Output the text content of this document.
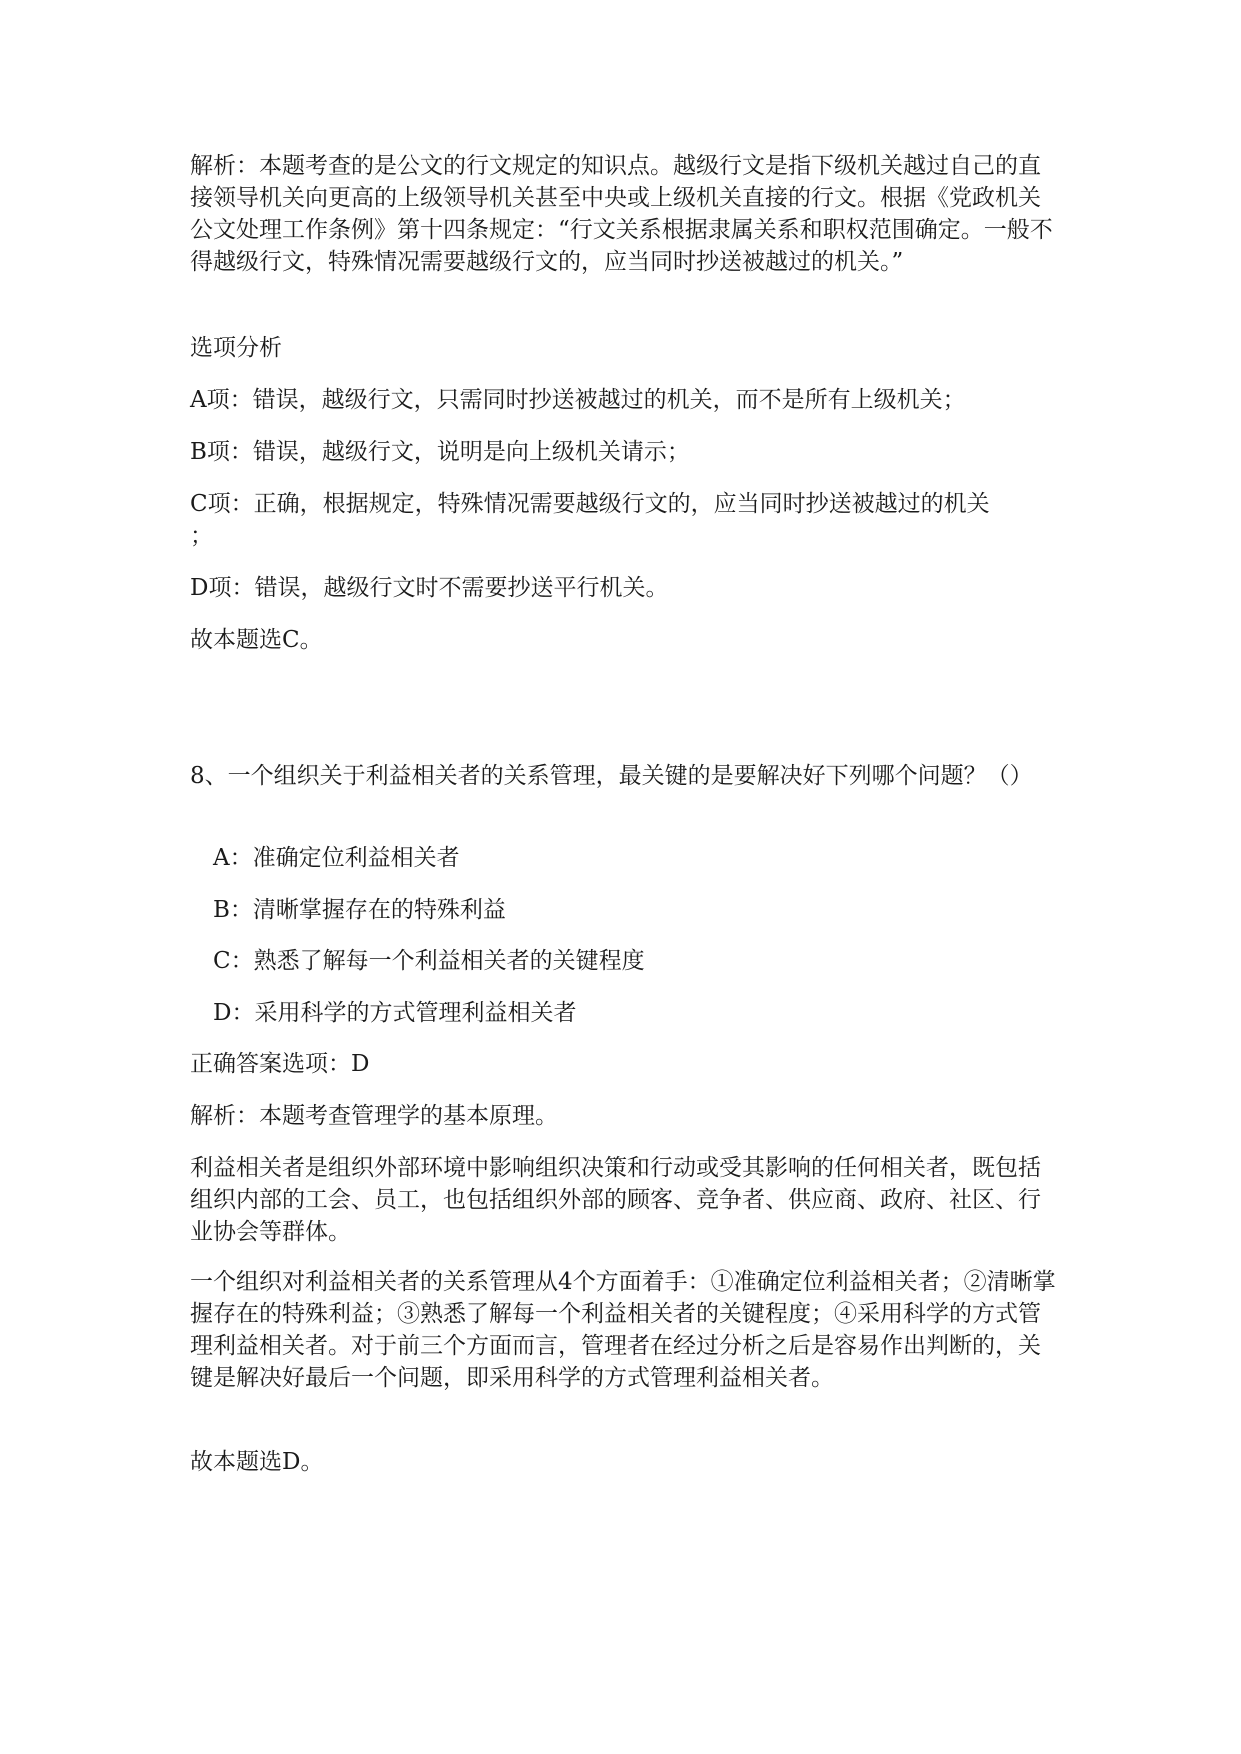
解析：本题考查的是公文的行文规定的知识点。越级行文是指下级机关越过自己的直接领导机关向更高的上级领导机关甚至中央或上级机关直接的行文。根据《党政机关公文处理工作条例》第十四条规定：“行文关系根据隶属关系和职权范围确定。一般不得越级行文，特殊情况需要越级行文的，应当同时抄送被越过的机关。”

选项分析

A项：错误，越级行文，只需同时抄送被越过的机关，而不是所有上级机关；

B项：错误，越级行文，说明是向上级机关请示；

C项：正确，根据规定，特殊情况需要越级行文的，应当同时抄送被越过的机关

；

D项：错误，越级行文时不需要抄送平行机关。

故本题选C。

8、一个组织关于利益相关者的关系管理，最关键的是要解决好下列哪个问题？（）

A：准确定位利益相关者

B：清晰掌握存在的特殊利益

C：熟悉了解每一个利益相关者的关键程度

D：采用科学的方式管理利益相关者

正确答案选项：D

解析：本题考查管理学的基本原理。

利益相关者是组织外部环境中影响组织决策和行动或受其影响的任何相关者，既包括组织内部的工会、员工，也包括组织外部的顾客、竞争者、供应商、政府、社区、行业协会等群体。

一个组织对利益相关者的关系管理从4个方面着手：①准确定位利益相关者；②清晰掌握存在的特殊利益；③熟悉了解每一个利益相关者的关键程度；④采用科学的方式管理利益相关者。对于前三个方面而言，管理者在经过分析之后是容易作出判断的，关键是解决好最后一个问题，即采用科学的方式管理利益相关者。

故本题选D。
